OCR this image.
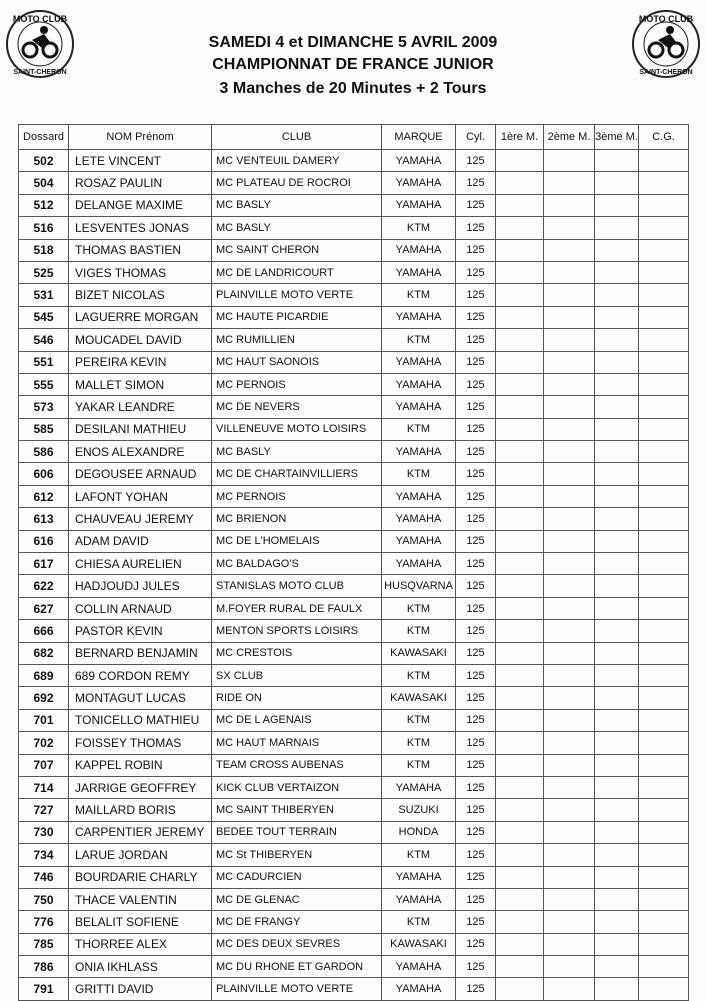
MOTO CLUB
SAINT-CHERON
MOTO CLUB
SAINT-CHERON
SAMEDI 4 et DIMANCHE 5 AVRIL 2009
CHAMPIONNAT DE FRANCE JUNIOR
3 Manches de 20 Minutes + 2 Tours
Dossard	NOM Prénom	CLUB	MARQUE	Cyl.	1ère M.	2ème M.	3ème M.	C.G.
502	LETE VINCENT	MC VENTEUIL DAMERY	YAMAHA	125				
504	ROSAZ PAULIN	MC PLATEAU DE ROCROI	YAMAHA	125				
512	DELANGE MAXIME	MC BASLY	YAMAHA	125				
516	LESVENTES JONAS	MC BASLY	KTM	125				
518	THOMAS BASTIEN	MC SAINT CHERON	YAMAHA	125				
525	VIGES THOMAS	MC DE LANDRICOURT	YAMAHA	125				
531	BIZET NICOLAS	PLAINVILLE MOTO VERTE	KTM	125				
545	LAGUERRE MORGAN	MC HAUTE PICARDIE	YAMAHA	125				
546	MOUCADEL DAVID	MC RUMILLIEN	KTM	125				
551	PEREIRA KEVIN	MC HAUT SAONOIS	YAMAHA	125				
555	MALLET SIMON	MC PERNOIS	YAMAHA	125				
573	YAKAR LEANDRE	MC DE NEVERS	YAMAHA	125				
585	DESILANI MATHIEU	VILLENEUVE MOTO LOISIRS	KTM	125				
586	ENOS ALEXANDRE	MC BASLY	YAMAHA	125				
606	DEGOUSEE ARNAUD	MC DE CHARTAINVILLIERS	KTM	125				
612	LAFONT YOHAN	MC PERNOIS	YAMAHA	125				
613	CHAUVEAU JEREMY	MC BRIENON	YAMAHA	125				
616	ADAM DAVID	MC DE L'HOMELAIS	YAMAHA	125				
617	CHIESA AURELIEN	MC BALDAGO'S	YAMAHA	125				
622	HADJOUDJ JULES	STANISLAS MOTO CLUB	HUSQVARNA	125				
627	COLLIN ARNAUD	M.FOYER RURAL DE FAULX	KTM	125				
666	PASTOR KEVIN	MENTON SPORTS LOISIRS	KTM	125				
682	BERNARD BENJAMIN	MC CRESTOIS	KAWASAKI	125				
689	689 CORDON REMY	SX CLUB	KTM	125				
692	MONTAGUT LUCAS	RIDE ON	KAWASAKI	125				
701	TONICELLO MATHIEU	MC DE L AGENAIS	KTM	125				
702	FOISSEY THOMAS	MC HAUT MARNAIS	KTM	125				
707	KAPPEL ROBIN	TEAM CROSS AUBENAS	KTM	125				
714	JARRIGE GEOFFREY	KICK CLUB VERTAIZON	YAMAHA	125				
727	MAILLARD BORIS	MC SAINT THIBERYEN	SUZUKI	125				
730	CARPENTIER JEREMY	BEDEE TOUT TERRAIN	HONDA	125				
734	LARUE JORDAN	MC St THIBERYEN	KTM	125				
746	BOURDARIE CHARLY	MC CADURCIEN	YAMAHA	125				
750	THACE VALENTIN	MC DE GLENAC	YAMAHA	125				
776	BELALIT SOFIENE	MC DE FRANGY	KTM	125				
785	THORREE ALEX	MC DES DEUX SEVRES	KAWASAKI	125				
786	ONIA IKHLASS	MC DU RHONE ET GARDON	YAMAHA	125				
791	GRITTI DAVID	PLAINVILLE MOTO VERTE	YAMAHA	125				
